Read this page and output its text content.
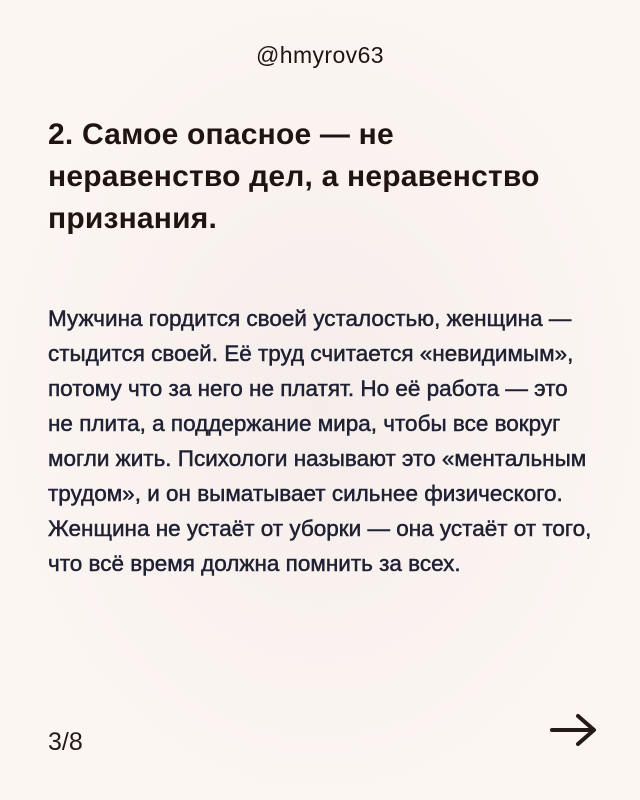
@hmyrov63
2. Самое опасное — не неравенство дел, а неравенство признания.
Мужчина гордится своей усталостью, женщина — стыдится своей. Её труд считается «невидимым», потому что за него не платят. Но её работа — это не плита, а поддержание мира, чтобы все вокруг могли жить. Психологи называют это «ментальным трудом», и он выматывает сильнее физического. Женщина не устаёт от уборки — она устаёт от того, что всё время должна помнить за всех.
3/8
